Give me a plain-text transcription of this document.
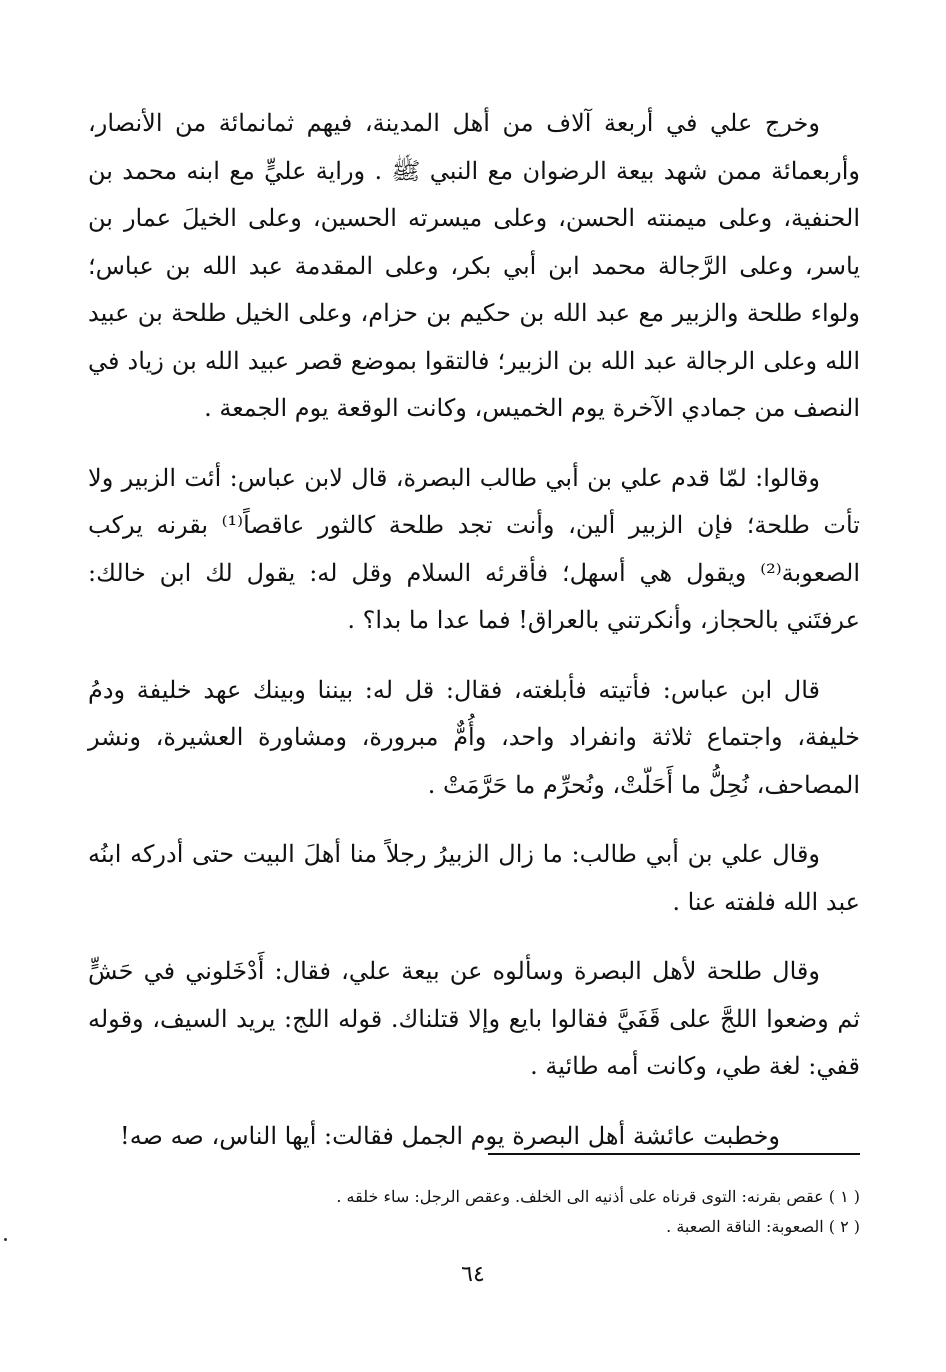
وخرج علي في أربعة آلاف من أهل المدينة، فيهم ثمانمائة من الأنصار، وأربعمائة ممن شهد بيعة الرضوان مع النبي ﷺ . وراية عليٍّ مع ابنه محمد بن الحنفية، وعلى ميمنته الحسن، وعلى ميسرته الحسين، وعلى الخيلَ عمار بن ياسر، وعلى الرَّجالة محمد ابن أبي بكر، وعلى المقدمة عبد الله بن عباس؛ ولواء طلحة والزبير مع عبد الله بن حكيم بن حزام، وعلى الخيل طلحة بن عبيد الله وعلى الرجالة عبد الله بن الزبير؛ فالتقوا بموضع قصر عبيد الله بن زياد في النصف من جمادي الآخرة يوم الخميس، وكانت الوقعة يوم الجمعة .

وقالوا: لمّا قدم علي بن أبي طالب البصرة، قال لابن عباس: أئت الزبير ولا تأت طلحة؛ فإن الزبير ألين، وأنت تجد طلحة كالثور عاقصاً⁽¹⁾ بقرنه يركب الصعوبة⁽²⁾ ويقول هي أسهل؛ فأقرئه السلام وقل له: يقول لك ابن خالك: عرفتَني بالحجاز، وأنكرتني بالعراق! فما عدا ما بدا؟ .

قال ابن عباس: فأتيته فأبلغته، فقال: قل له: بيننا وبينك عهد خليفة ودمُ خليفة، واجتماع ثلاثة وانفراد واحد، وأُمٌّ مبرورة، ومشاورة العشيرة، ونشر المصاحف، نُحِلُّ ما أَحَلّتْ، ونُحرِّم ما حَرَّمَتْ .

وقال علي بن أبي طالب: ما زال الزبيرُ رجلاً منا أهلَ البيت حتى أدركه ابنُه عبد الله فلفته عنا .

وقال طلحة لأهل البصرة وسألوه عن بيعة علي، فقال: أَدْخَلوني في حَشٍّ ثم وضعوا اللجَّ على قَفَيَّ فقالوا بايع وإلا قتلناك. قوله اللج: يريد السيف، وقوله قفي: لغة طي، وكانت أمه طائية .

وخطبت عائشة أهل البصرة يوم الجمل فقالت: أيها الناس، صه صه!

( ١ ) عقص بقرنه: التوى قرناه على أذنيه الى الخلف. وعقص الرجل: ساء خلقه .

( ٢ ) الصعوبة: الناقة الصعبة .

٦٤
